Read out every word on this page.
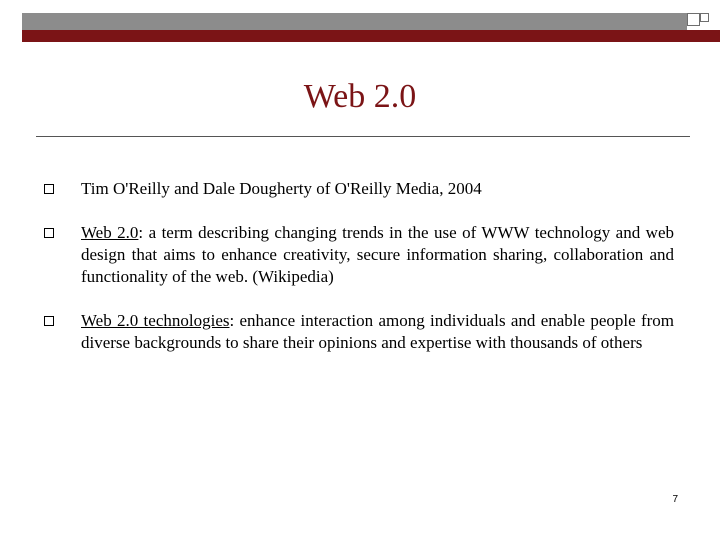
Web 2.0
Tim O'Reilly and Dale Dougherty of O'Reilly Media, 2004
Web 2.0: a term describing changing trends in the use of WWW technology and web design that aims to enhance creativity, secure information sharing, collaboration and functionality of the web. (Wikipedia)
Web 2.0 technologies: enhance interaction among individuals and enable people from diverse backgrounds to share their opinions and expertise with thousands of others
7
